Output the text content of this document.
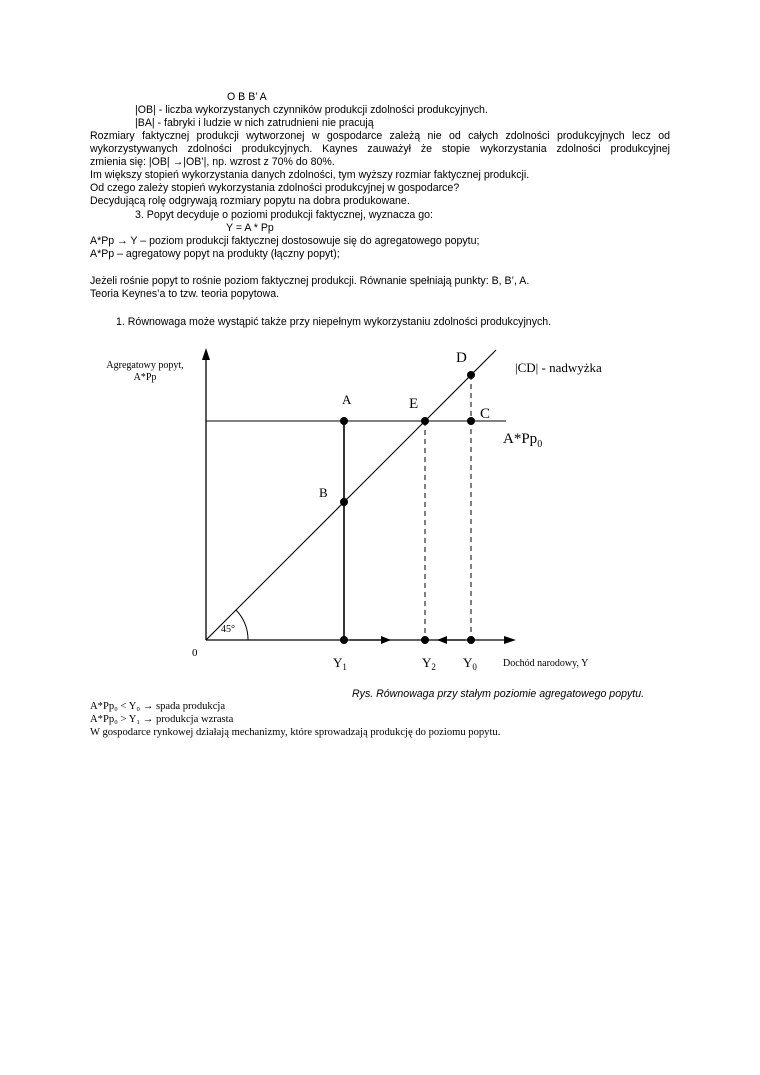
O B B’ A
|OB| - liczba wykorzystanych czynników produkcji zdolności produkcyjnych.
|BA| - fabryki i ludzie w nich zatrudnieni nie pracują
Rozmiary faktycznej produkcji wytworzonej w gospodarce zależą nie od całych zdolności produkcyjnych lecz od
wykorzystywanych zdolności produkcyjnych. Kaynes zauważył że stopie wykorzystania zdolności produkcyjnej
zmienia się: |OB| →|OB’|, np. wzrost z 70% do 80%.
Im większy stopień wykorzystania danych zdolności, tym wyższy rozmiar faktycznej produkcji.
Od czego zależy stopień wykorzystania zdolności produkcyjnej w gospodarce?
Decydującą rolę odgrywają rozmiary popytu na dobra produkowane.
3. Popyt decyduje o poziomi produkcji faktycznej, wyznacza go:
Y = A * Pp
A*Pp → Y – poziom produkcji faktycznej dostosowuje się do agregatowego popytu;
A*Pp – agregatowy popyt na produkty (łączny popyt);
Jeżeli rośnie popyt to rośnie poziom faktycznej produkcji. Równanie spełniają punkty: B, B’, A.
Teoria Keynes’a to tzw. teoria popytowa.
1. Równowaga może wystąpić także przy niepełnym wykorzystaniu zdolności produkcyjnych.
Agregatowy popyt,
A*Pp
0
45°
D
A	E
C
B
|CD| - nadwyżka
$A*Pp_0$
$Y_1$	$Y_2$ $Y_0$	Dochód narodowy, Y
Rys. Równowaga przy stałym poziomie agregatowego popytu.
A*Pp₀ < Y₀ → spada produkcja
A*Pp₀ > Y₁ → produkcja wzrasta
W gospodarce rynkowej działają mechanizmy, które sprowadzają produkcję do poziomu popytu.
